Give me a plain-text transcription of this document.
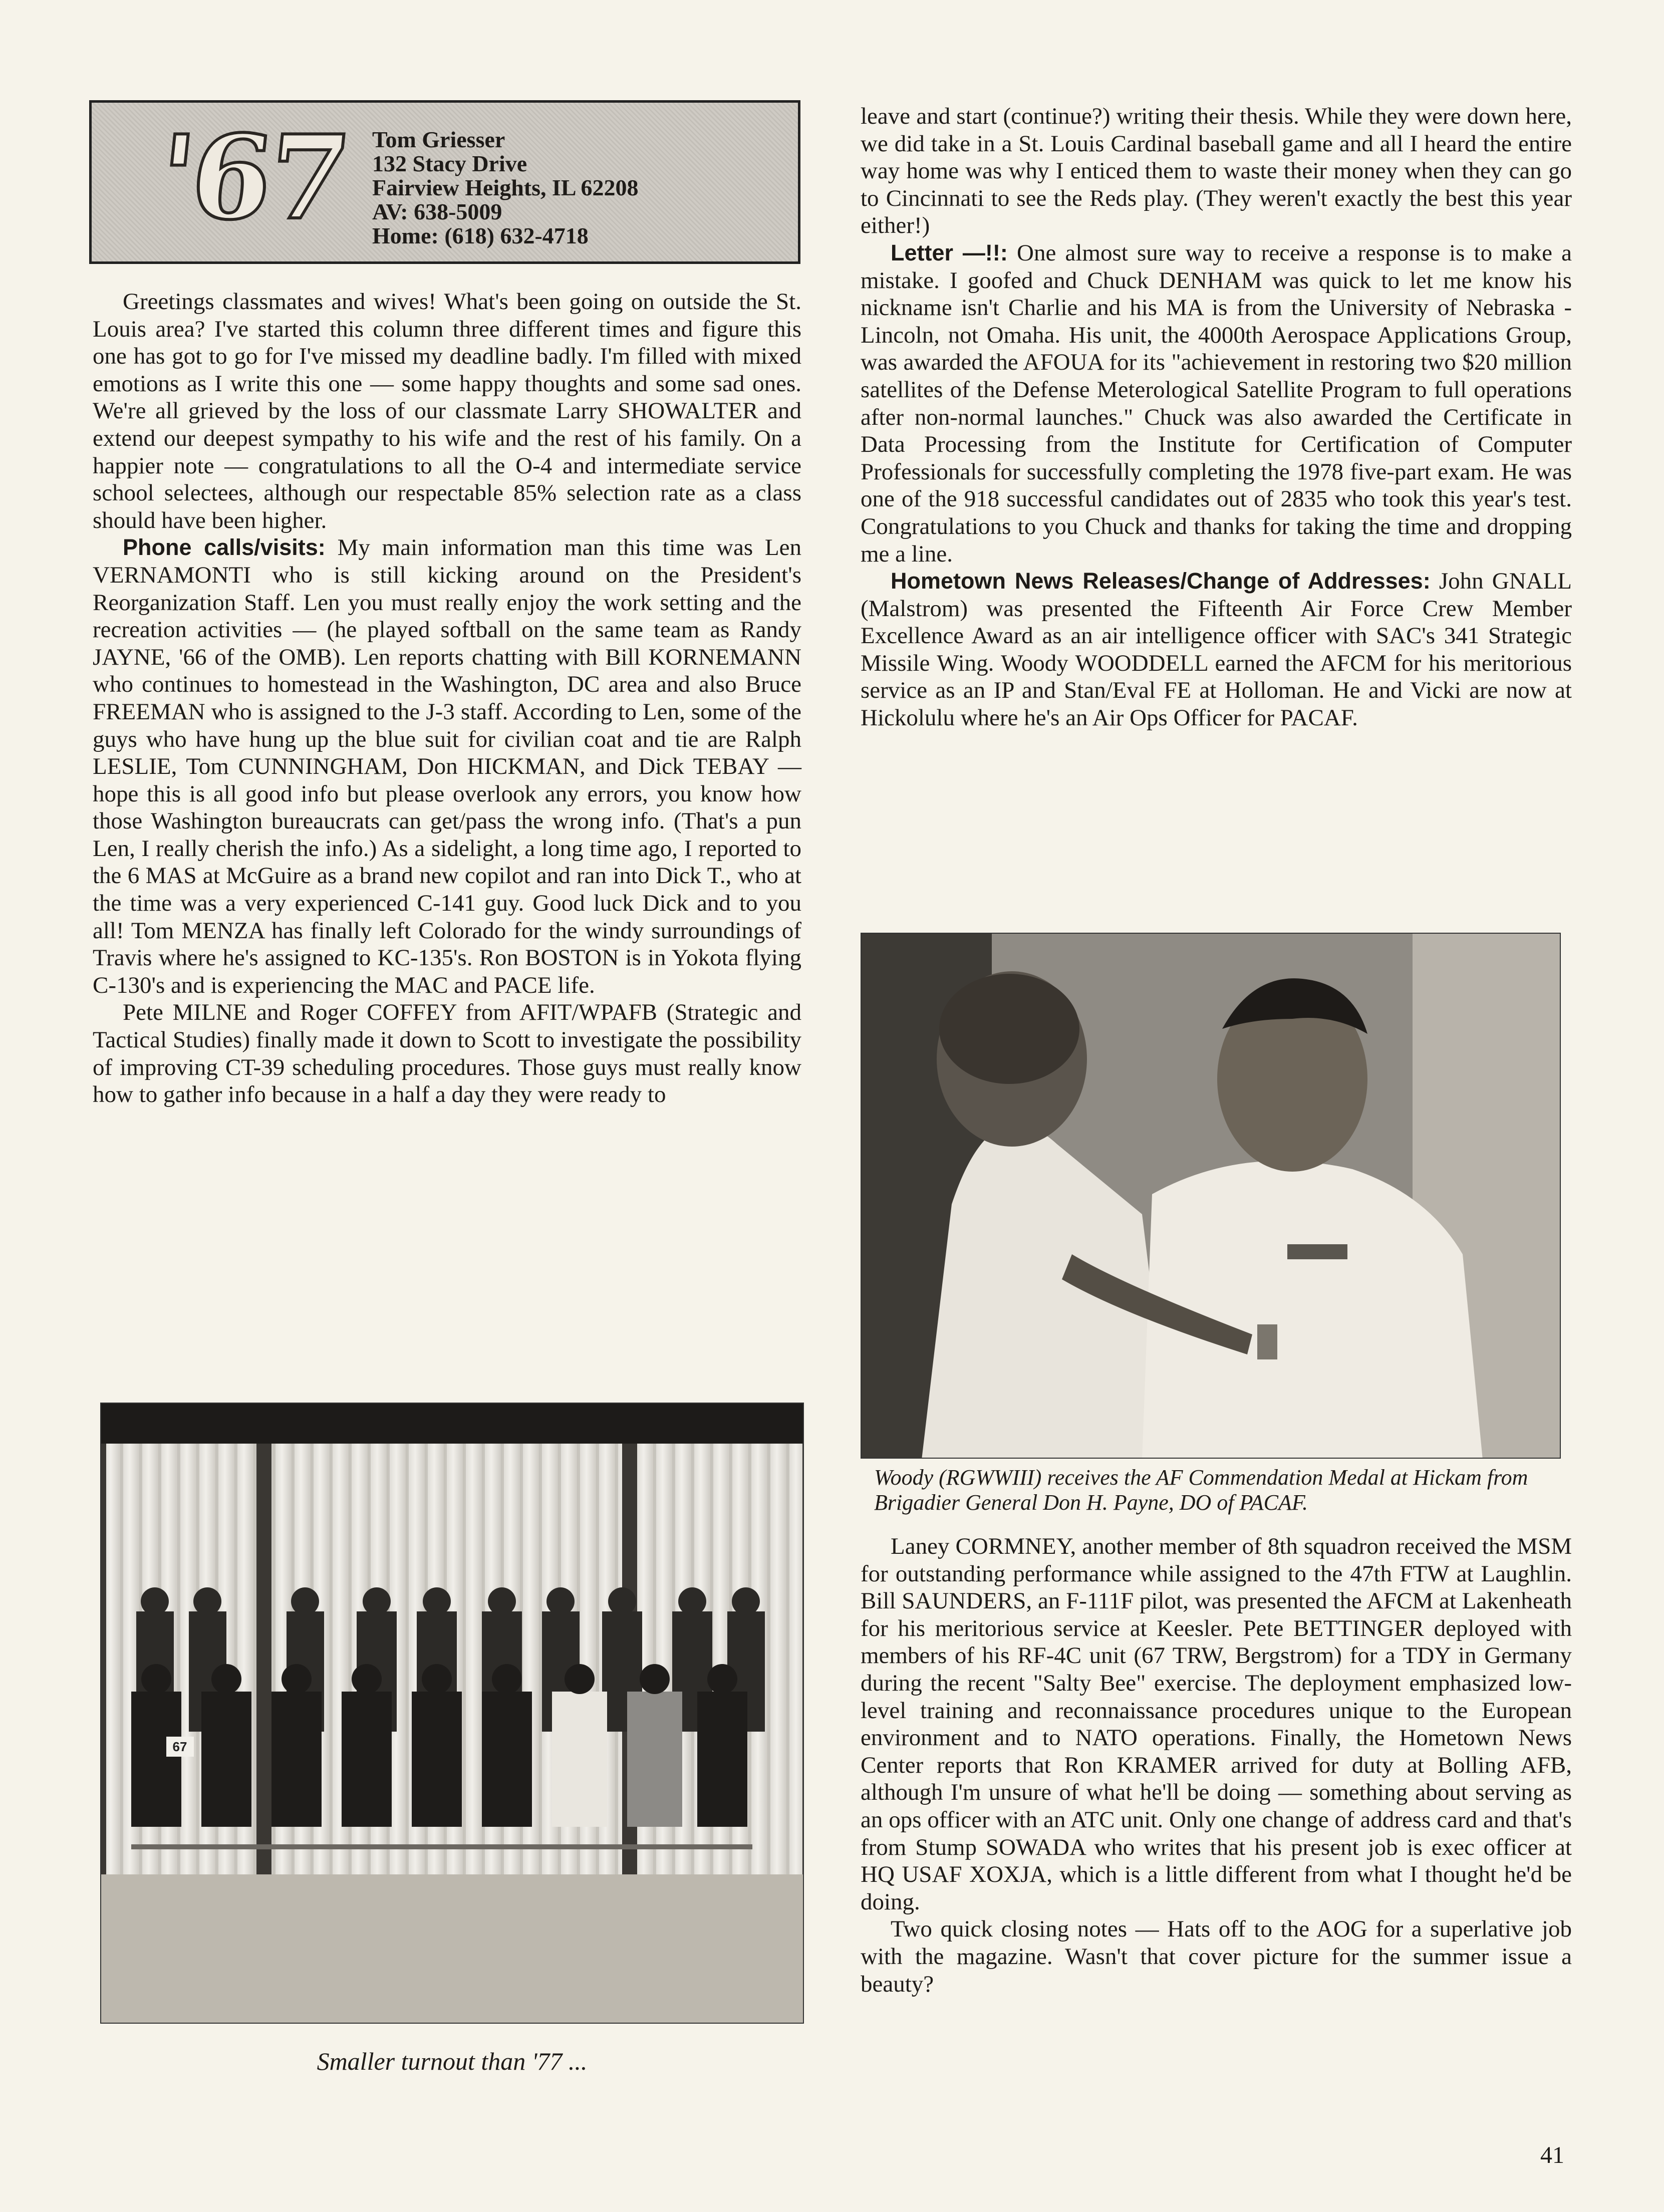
'67 Tom Griesser
132 Stacy Drive
Fairview Heights, IL 62208
AV: 638-5009
Home: (618) 632-4718

Greetings classmates and wives! What's been going on outside the St. Louis area? I've started this column three different times and figure this one has got to go for I've missed my deadline badly. I'm filled with mixed emotions as I write this one — some happy thoughts and some sad ones. We're all grieved by the loss of our classmate Larry SHOWALTER and extend our deepest sympathy to his wife and the rest of his family. On a happier note — congratulations to all the O-4 and intermediate service school selectees, although our respectable 85% selection rate as a class should have been higher.

Phone calls/visits: My main information man this time was Len VERNAMONTI who is still kicking around on the President's Reorganization Staff. Len you must really enjoy the work setting and the recreation activities — (he played softball on the same team as Randy JAYNE, '66 of the OMB). Len reports chatting with Bill KORNEMANN who continues to homestead in the Washington, DC area and also Bruce FREEMAN who is assigned to the J-3 staff. According to Len, some of the guys who have hung up the blue suit for civilian coat and tie are Ralph LESLIE, Tom CUNNINGHAM, Don HICKMAN, and Dick TEBAY — hope this is all good info but please overlook any errors, you know how those Washington bureaucrats can get/pass the wrong info. (That's a pun Len, I really cherish the info.) As a sidelight, a long time ago, I reported to the 6 MAS at McGuire as a brand new copilot and ran into Dick T., who at the time was a very experienced C-141 guy. Good luck Dick and to you all! Tom MENZA has finally left Colorado for the windy surroundings of Travis where he's assigned to KC-135's. Ron BOSTON is in Yokota flying C-130's and is experiencing the MAC and PACE life.

Pete MILNE and Roger COFFEY from AFIT/WPAFB (Strategic and Tactical Studies) finally made it down to Scott to investigate the possibility of improving CT-39 scheduling procedures. Those guys must really know how to gather info because in a half a day they were ready to

67
Smaller turnout than '77 ...

leave and start (continue?) writing their thesis. While they were down here, we did take in a St. Louis Cardinal baseball game and all I heard the entire way home was why I enticed them to waste their money when they can go to Cincinnati to see the Reds play. (They weren't exactly the best this year either!)

Letter —!!: One almost sure way to receive a response is to make a mistake. I goofed and Chuck DENHAM was quick to let me know his nickname isn't Charlie and his MA is from the University of Nebraska - Lincoln, not Omaha. His unit, the 4000th Aerospace Applications Group, was awarded the AFOUA for its "achievement in restoring two $20 million satellites of the Defense Meterological Satellite Program to full operations after non-normal launches." Chuck was also awarded the Certificate in Data Processing from the Institute for Certification of Computer Professionals for successfully completing the 1978 five-part exam. He was one of the 918 successful candidates out of 2835 who took this year's test. Congratulations to you Chuck and thanks for taking the time and dropping me a line.

Hometown News Releases/Change of Addresses: John GNALL (Malstrom) was presented the Fifteenth Air Force Crew Member Excellence Award as an air intelligence officer with SAC's 341 Strategic Missile Wing. Woody WOODDELL earned the AFCM for his meritorious service as an IP and Stan/Eval FE at Holloman. He and Vicki are now at Hickolulu where he's an Air Ops Officer for PACAF.

Woody (RGWWIII) receives the AF Commendation Medal at Hickam from Brigadier General Don H. Payne, DO of PACAF.

Laney CORMNEY, another member of 8th squadron received the MSM for outstanding performance while assigned to the 47th FTW at Laughlin. Bill SAUNDERS, an F-111F pilot, was presented the AFCM at Lakenheath for his meritorious service at Keesler. Pete BETTINGER deployed with members of his RF-4C unit (67 TRW, Bergstrom) for a TDY in Germany during the recent "Salty Bee" exercise. The deployment emphasized low-level training and reconnaissance procedures unique to the European environment and to NATO operations. Finally, the Hometown News Center reports that Ron KRAMER arrived for duty at Bolling AFB, although I'm unsure of what he'll be doing — something about serving as an ops officer with an ATC unit. Only one change of address card and that's from Stump SOWADA who writes that his present job is exec officer at HQ USAF XOXJA, which is a little different from what I thought he'd be doing.

Two quick closing notes — Hats off to the AOG for a superlative job with the magazine. Wasn't that cover picture for the summer issue a beauty?

41
